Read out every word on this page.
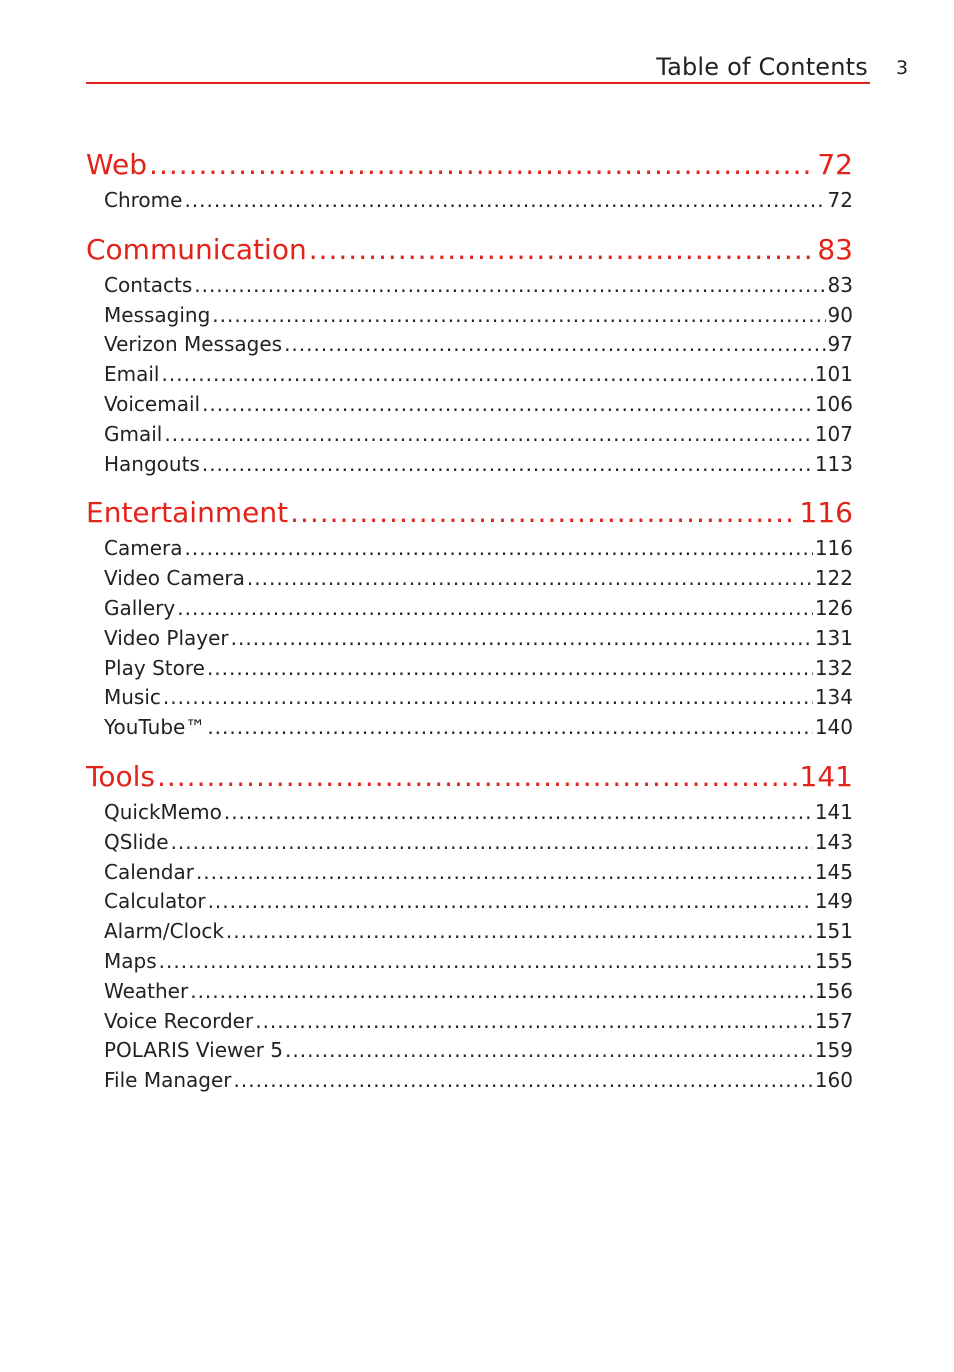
Table of Contents 3
Web .....	72
Chrome .....	72
Communication .....	83
Contacts .....	83
Messaging .....	90
Verizon Messages .....	97
Email .....	101
Voicemail .....	106
Gmail .....	107
Hangouts .....	113
Entertainment .....	116
Camera .....	116
Video Camera .....	122
Gallery .....	126
Video Player .....	131
Play Store .....	132
Music .....	134
YouTube™ .....	140
Tools .....	141
QuickMemo .....	141
QSlide .....	143
Calendar .....	145
Calculator .....	149
Alarm/Clock .....	151
Maps .....	155
Weather .....	156
Voice Recorder .....	157
POLARIS Viewer 5 .....	159
File Manager .....	160
